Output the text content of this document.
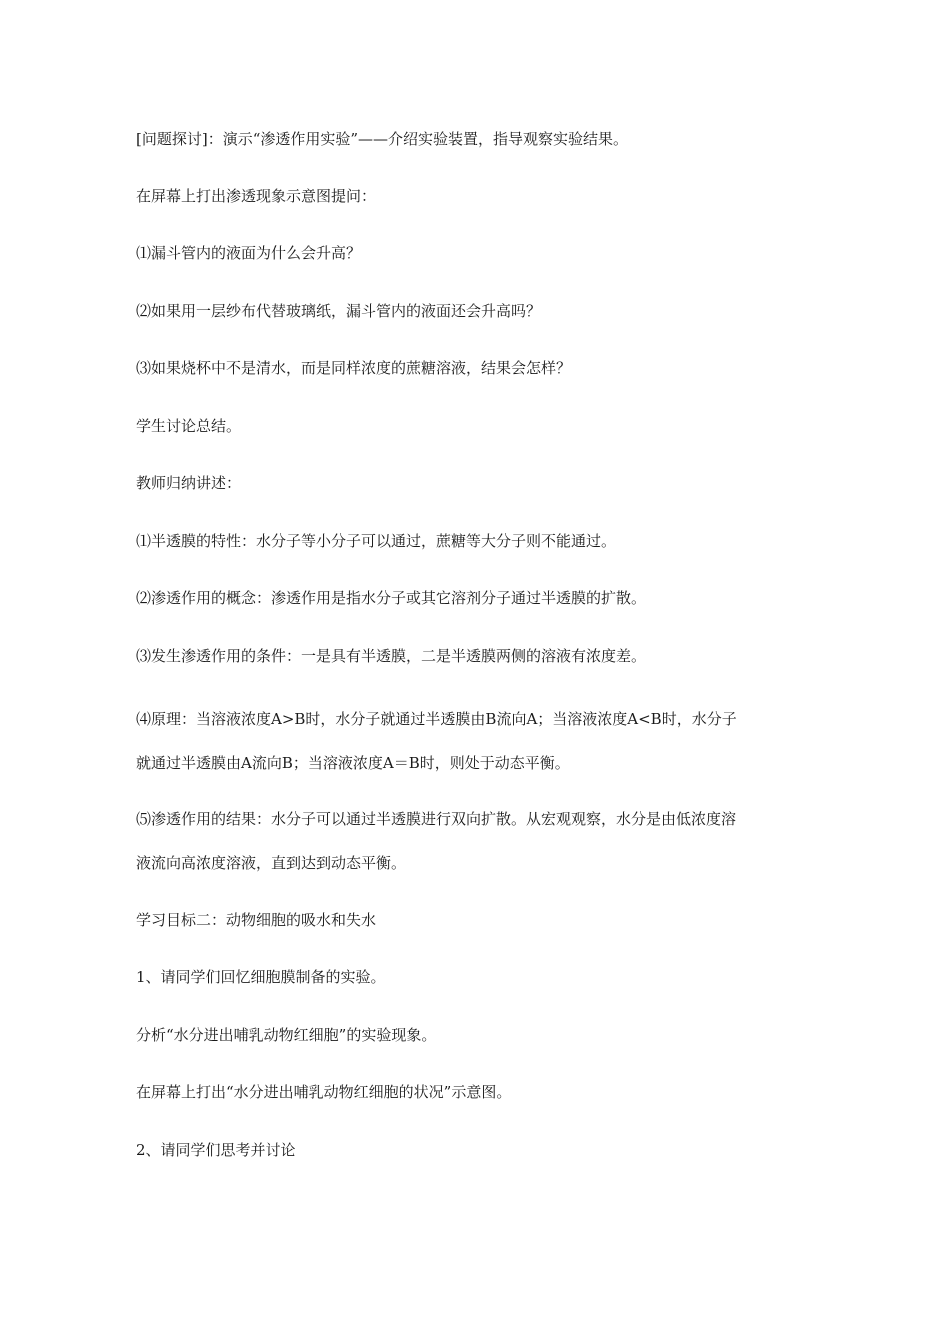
[问题探讨]：演示“渗透作用实验”——介绍实验装置，指导观察实验结果。

在屏幕上打出渗透现象示意图提问：

⑴漏斗管内的液面为什么会升高？

⑵如果用一层纱布代替玻璃纸，漏斗管内的液面还会升高吗？

⑶如果烧杯中不是清水，而是同样浓度的蔗糖溶液，结果会怎样？

学生讨论总结。

教师归纳讲述：

⑴半透膜的特性：水分子等小分子可以通过，蔗糖等大分子则不能通过。

⑵渗透作用的概念：渗透作用是指水分子或其它溶剂分子通过半透膜的扩散。

⑶发生渗透作用的条件：一是具有半透膜，二是半透膜两侧的溶液有浓度差。

⑷原理：当溶液浓度A>B时，水分子就通过半透膜由B流向A；当溶液浓度A<B时，水分子
就通过半透膜由A流向B；当溶液浓度A＝B时，则处于动态平衡。

⑸渗透作用的结果：水分子可以通过半透膜进行双向扩散。从宏观观察，水分是由低浓度溶
液流向高浓度溶液，直到达到动态平衡。

学习目标二：动物细胞的吸水和失水

1、请同学们回忆细胞膜制备的实验。

分析“水分进出哺乳动物红细胞”的实验现象。

在屏幕上打出“水分进出哺乳动物红细胞的状况”示意图。

2、请同学们思考并讨论
